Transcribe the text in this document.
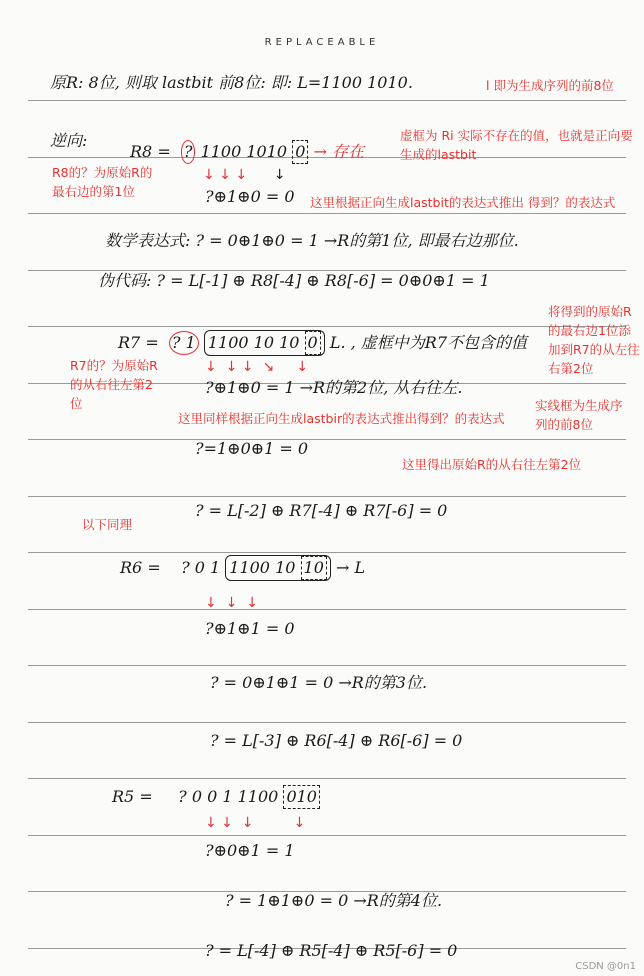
REPLACEABLE
原R: 8位, 则取 lastbit 前8位: 即: L=1100 1010.
逆向:
R8 = ? 1100 1010 0 → 存在
↓ ↓ ↓      ↓
?⊕1⊕0 = 0
数学表达式: ? = 0⊕1⊕0 = 1 →R的第1位, 即最右边那位.
伪代码: ? = L[-1] ⊕ R8[-4] ⊕ R8[-6] = 0⊕0⊕1 = 1
R7 = ? 1 1100 10 10 0 L. , 虚框中为R7不包含的值
↓  ↓ ↓  ↘     ↓
?⊕1⊕0 = 1 →R的第2位, 从右往左.
?=1⊕0⊕1 = 0
? = L[-2] ⊕ R7[-4] ⊕ R7[-6] = 0
R6 = ? 0 1 1100 10 10 → L
↓  ↓  ↓
?⊕1⊕1 = 0
? = 0⊕1⊕1 = 0 →R的第3位.
? = L[-3] ⊕ R6[-4] ⊕ R6[-6] = 0
R5 = ? 0 0 1 1100 010
↓ ↓  ↓         ↓
?⊕0⊕1 = 1
? = 1⊕1⊕0 = 0 →R的第4位.
? = L[-4] ⊕ R5[-4] ⊕ R5[-6] = 0
l 即为生成序列的前8位
虚框为 Ri 实际不存在的值，也就是正向要生成的lastbit
R8的？为原始R的最右边的第1位
这里根据正向生成lastbit的表达式推出 得到？的表达式
将得到的原始R的最右边1位添加到R7的从左往右第2位
R7的？为原始R的从右往左第2位
这里同样根据正向生成lastbir的表达式推出得到？的表达式
实线框为生成序列的前8位
这里得出原始R的从右往左第2位
以下同理
CSDN @0n1
